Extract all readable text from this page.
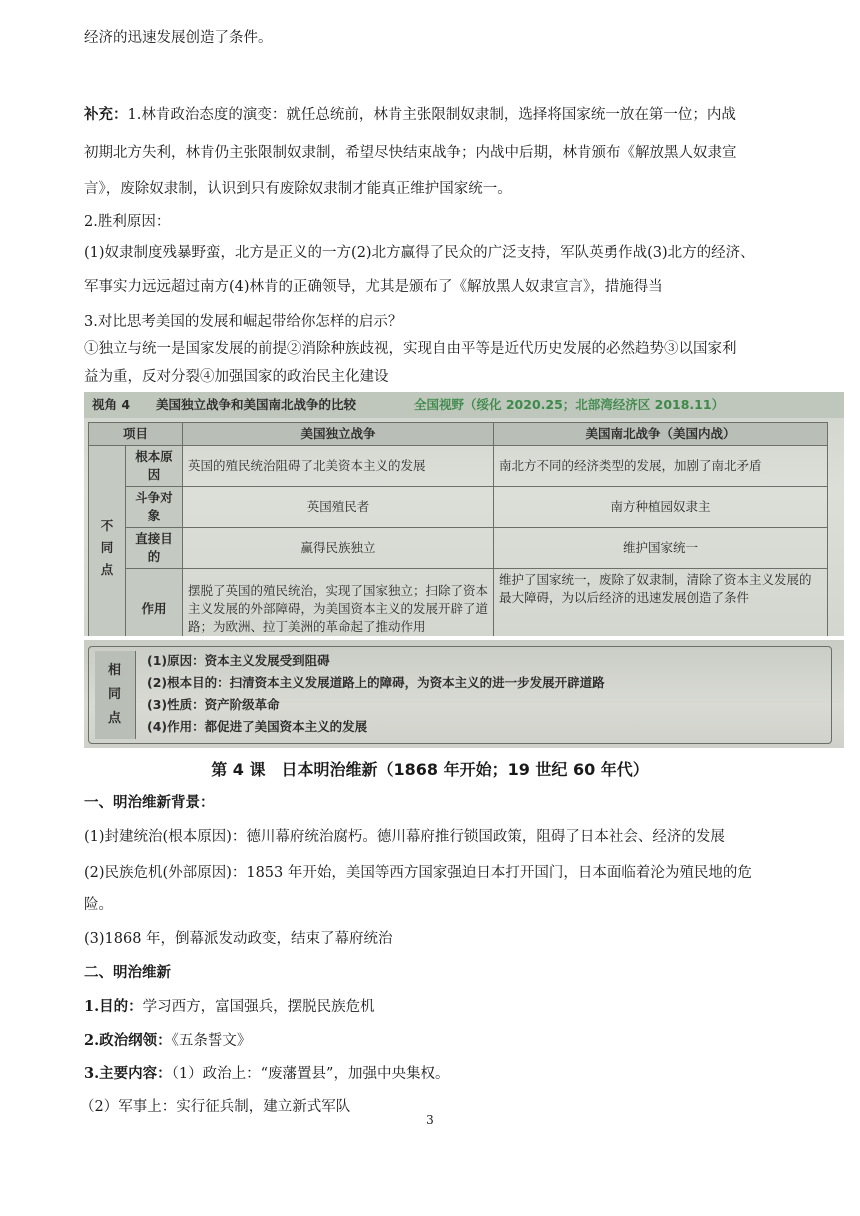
经济的迅速发展创造了条件。
补充：1.林肯政治态度的演变：就任总统前，林肯主张限制奴隶制，选择将国家统一放在第一位；内战
初期北方失利，林肯仍主张限制奴隶制，希望尽快结束战争；内战中后期，林肯颁布《解放黑人奴隶宣
言》，废除奴隶制，认识到只有废除奴隶制才能真正维护国家统一。
2.胜利原因：
(1)奴隶制度残暴野蛮，北方是正义的一方(2)北方赢得了民众的广泛支持，军队英勇作战(3)北方的经济、
军事实力远远超过南方(4)林肯的正确领导，尤其是颁布了《解放黑人奴隶宣言》，措施得当
3.对比思考美国的发展和崛起带给你怎样的启示？
①独立与统一是国家发展的前提②消除种族歧视，实现自由平等是近代历史发展的必然趋势③以国家利
益为重，反对分裂④加强国家的政治民主化建设
视角 4 美国独立战争和美国南北战争的比较	全国视野（绥化 2020.25；北部湾经济区 2018.11）
项目		美国独立战争	美国南北战争（美国内战）
不同点	根本原因	英国的殖民统治阻碍了北美资本主义的发展	南北方不同的经济类型的发展，加剧了南北矛盾
	斗争对象	英国殖民者	南方种植园奴隶主
	直接目的	赢得民族独立	维护国家统一
	作用	摆脱了英国的殖民统治，实现了国家独立；扫除了资本主义发展的外部障碍，为美国资本主义的发展开辟了道路；为欧洲、拉丁美洲的革命起了推动作用	维护了国家统一，废除了奴隶制，清除了资本主义发展的最大障碍，为以后经济的迅速发展创造了条件
相同点
(1)原因：资本主义发展受到阻碍
(2)根本目的：扫清资本主义发展道路上的障碍，为资本主义的进一步发展开辟道路
(3)性质：资产阶级革命
(4)作用：都促进了美国资本主义的发展
第 4 课　日本明治维新（1868 年开始；19 世纪 60 年代）
一、明治维新背景：
(1)封建统治(根本原因)：德川幕府统治腐朽。德川幕府推行锁国政策，阻碍了日本社会、经济的发展
(2)民族危机(外部原因)：1853 年开始，美国等西方国家强迫日本打开国门，日本面临着沦为殖民地的危
险。
(3)1868 年，倒幕派发动政变，结束了幕府统治
二、明治维新
1.目的：学习西方，富国强兵，摆脱民族危机
2.政治纲领：《五条誓文》
3.主要内容：（1）政治上：“废藩置县”，加强中央集权。
（2）军事上：实行征兵制，建立新式军队
3
